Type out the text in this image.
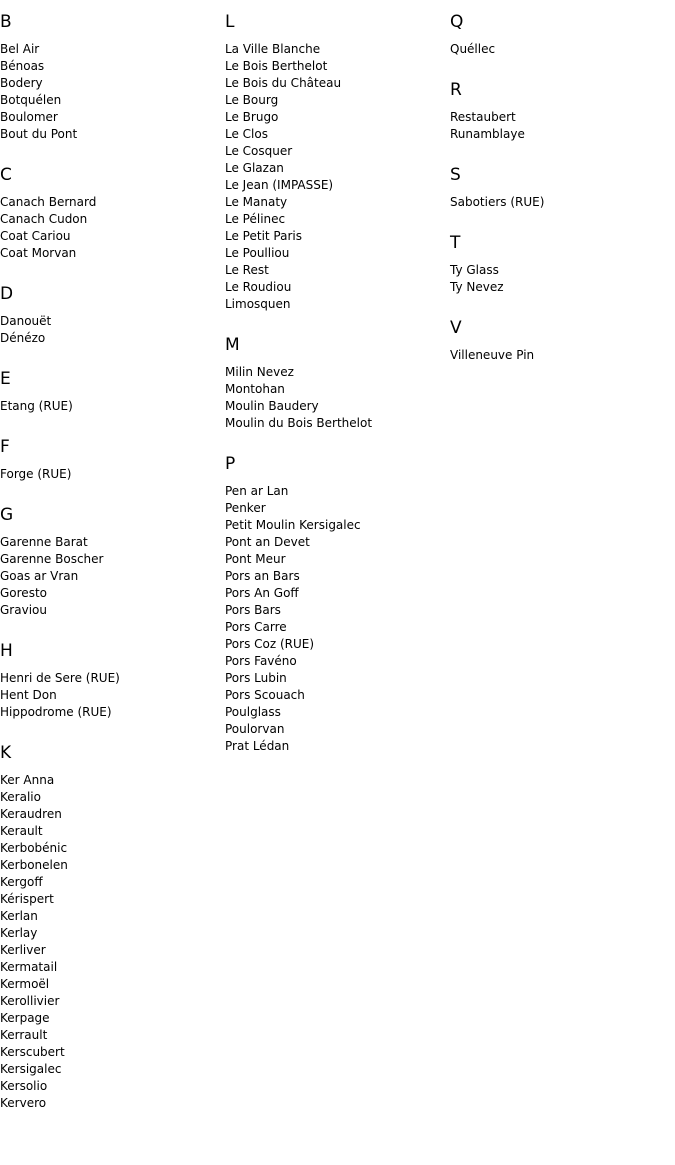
B
Bel Air
Bénoas
Bodery
Botquélen
Boulomer
Bout du Pont
C
Canach Bernard
Canach Cudon
Coat Cariou
Coat Morvan
D
Danouët
Dénézo
E
Etang (RUE)
F
Forge (RUE)
G
Garenne Barat
Garenne Boscher
Goas ar Vran
Goresto
Graviou
H
Henri de Sere (RUE)
Hent Don
Hippodrome (RUE)
K
Ker Anna
Keralio
Keraudren
Kerault
Kerbobénic
Kerbonelen
Kergoff
Kérispert
Kerlan
Kerlay
Kerliver
Kermatail
Kermoël
Kerollivier
Kerpage
Kerrault
Kerscubert
Kersigalec
Kersolio
Kervero
L
La Ville Blanche
Le Bois Berthelot
Le Bois du Château
Le Bourg
Le Brugo
Le Clos
Le Cosquer
Le Glazan
Le Jean (IMPASSE)
Le Manaty
Le Pélinec
Le Petit Paris
Le Poulliou
Le Rest
Le Roudiou
Limosquen
M
Milin Nevez
Montohan
Moulin Baudery
Moulin du Bois Berthelot
P
Pen ar Lan
Penker
Petit Moulin Kersigalec
Pont an Devet
Pont Meur
Pors an Bars
Pors An Goff
Pors Bars
Pors Carre
Pors Coz (RUE)
Pors Favéno
Pors Lubin
Pors Scouach
Poulglass
Poulorvan
Prat Lédan
Q
Quéllec
R
Restaubert
Runamblaye
S
Sabotiers (RUE)
T
Ty Glass
Ty Nevez
V
Villeneuve Pin
